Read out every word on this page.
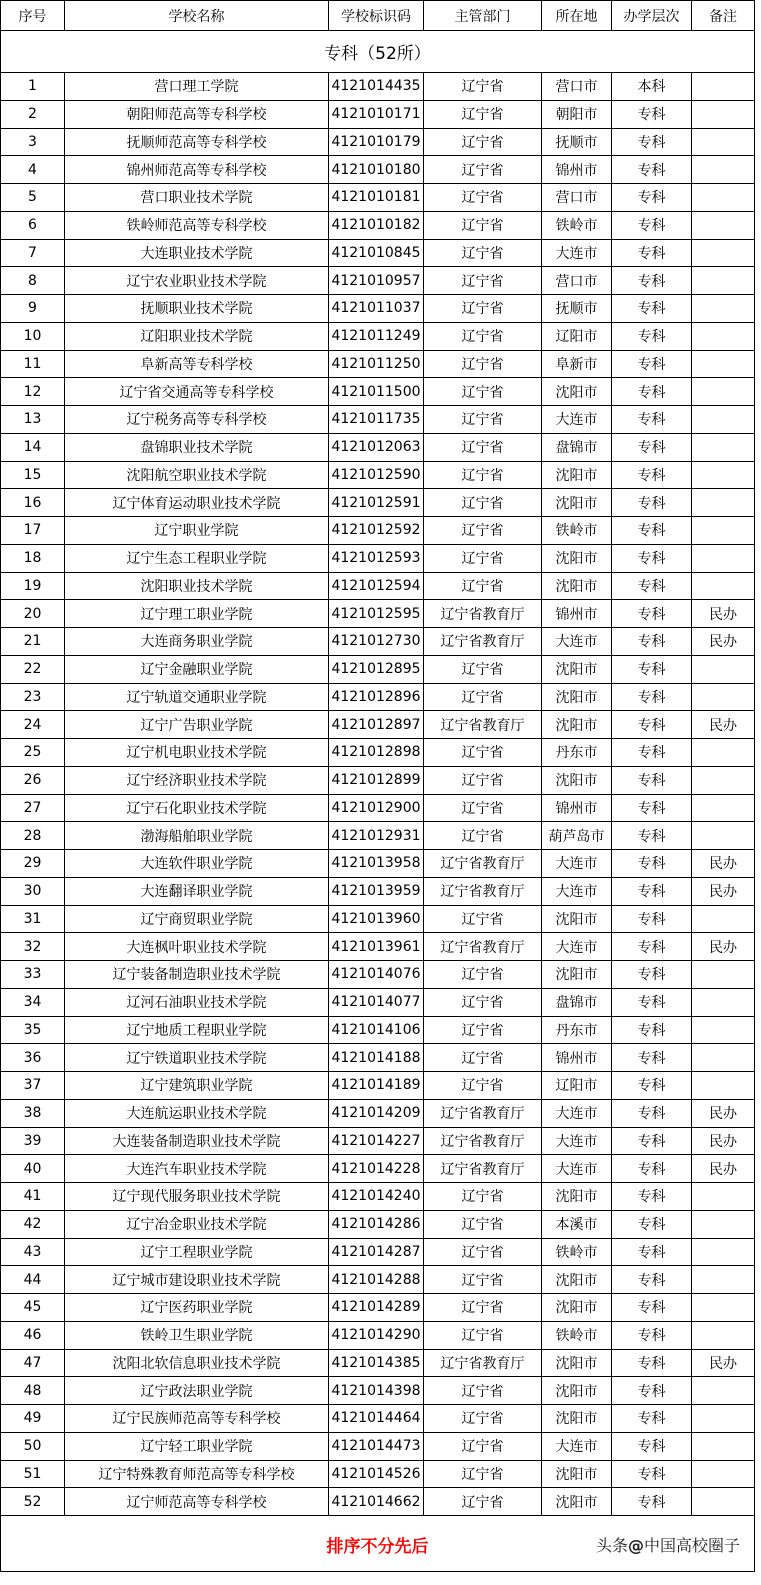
序号	学校名称	学校标识码	主管部门	所在地	办学层次	备注
专科（52所）						
1	营口理工学院	4121014435	辽宁省	营口市	本科	
2	朝阳师范高等专科学校	4121010171	辽宁省	朝阳市	专科	
3	抚顺师范高等专科学校	4121010179	辽宁省	抚顺市	专科	
4	锦州师范高等专科学校	4121010180	辽宁省	锦州市	专科	
5	营口职业技术学院	4121010181	辽宁省	营口市	专科	
6	铁岭师范高等专科学校	4121010182	辽宁省	铁岭市	专科	
7	大连职业技术学院	4121010845	辽宁省	大连市	专科	
8	辽宁农业职业技术学院	4121010957	辽宁省	营口市	专科	
9	抚顺职业技术学院	4121011037	辽宁省	抚顺市	专科	
10	辽阳职业技术学院	4121011249	辽宁省	辽阳市	专科	
11	阜新高等专科学校	4121011250	辽宁省	阜新市	专科	
12	辽宁省交通高等专科学校	4121011500	辽宁省	沈阳市	专科	
13	辽宁税务高等专科学校	4121011735	辽宁省	大连市	专科	
14	盘锦职业技术学院	4121012063	辽宁省	盘锦市	专科	
15	沈阳航空职业技术学院	4121012590	辽宁省	沈阳市	专科	
16	辽宁体育运动职业技术学院	4121012591	辽宁省	沈阳市	专科	
17	辽宁职业学院	4121012592	辽宁省	铁岭市	专科	
18	辽宁生态工程职业学院	4121012593	辽宁省	沈阳市	专科	
19	沈阳职业技术学院	4121012594	辽宁省	沈阳市	专科	
20	辽宁理工职业学院	4121012595	辽宁省教育厅	锦州市	专科	民办
21	大连商务职业学院	4121012730	辽宁省教育厅	大连市	专科	民办
22	辽宁金融职业学院	4121012895	辽宁省	沈阳市	专科	
23	辽宁轨道交通职业学院	4121012896	辽宁省	沈阳市	专科	
24	辽宁广告职业学院	4121012897	辽宁省教育厅	沈阳市	专科	民办
25	辽宁机电职业技术学院	4121012898	辽宁省	丹东市	专科	
26	辽宁经济职业技术学院	4121012899	辽宁省	沈阳市	专科	
27	辽宁石化职业技术学院	4121012900	辽宁省	锦州市	专科	
28	渤海船舶职业学院	4121012931	辽宁省	葫芦岛市	专科	
29	大连软件职业学院	4121013958	辽宁省教育厅	大连市	专科	民办
30	大连翻译职业学院	4121013959	辽宁省教育厅	大连市	专科	民办
31	辽宁商贸职业学院	4121013960	辽宁省	沈阳市	专科	
32	大连枫叶职业技术学院	4121013961	辽宁省教育厅	大连市	专科	民办
33	辽宁装备制造职业技术学院	4121014076	辽宁省	沈阳市	专科	
34	辽河石油职业技术学院	4121014077	辽宁省	盘锦市	专科	
35	辽宁地质工程职业学院	4121014106	辽宁省	丹东市	专科	
36	辽宁铁道职业技术学院	4121014188	辽宁省	锦州市	专科	
37	辽宁建筑职业学院	4121014189	辽宁省	辽阳市	专科	
38	大连航运职业技术学院	4121014209	辽宁省教育厅	大连市	专科	民办
39	大连装备制造职业技术学院	4121014227	辽宁省教育厅	大连市	专科	民办
40	大连汽车职业技术学院	4121014228	辽宁省教育厅	大连市	专科	民办
41	辽宁现代服务职业技术学院	4121014240	辽宁省	沈阳市	专科	
42	辽宁冶金职业技术学院	4121014286	辽宁省	本溪市	专科	
43	辽宁工程职业学院	4121014287	辽宁省	铁岭市	专科	
44	辽宁城市建设职业技术学院	4121014288	辽宁省	沈阳市	专科	
45	辽宁医药职业学院	4121014289	辽宁省	沈阳市	专科	
46	铁岭卫生职业学院	4121014290	辽宁省	铁岭市	专科	
47	沈阳北软信息职业技术学院	4121014385	辽宁省教育厅	沈阳市	专科	民办
48	辽宁政法职业学院	4121014398	辽宁省	沈阳市	专科	
49	辽宁民族师范高等专科学校	4121014464	辽宁省	沈阳市	专科	
50	辽宁轻工职业学院	4121014473	辽宁省	大连市	专科	
51	辽宁特殊教育师范高等专科学校	4121014526	辽宁省	沈阳市	专科	
52	辽宁师范高等专科学校	4121014662	辽宁省	沈阳市	专科	

排序不分先后 头条@中国高校圈子						
